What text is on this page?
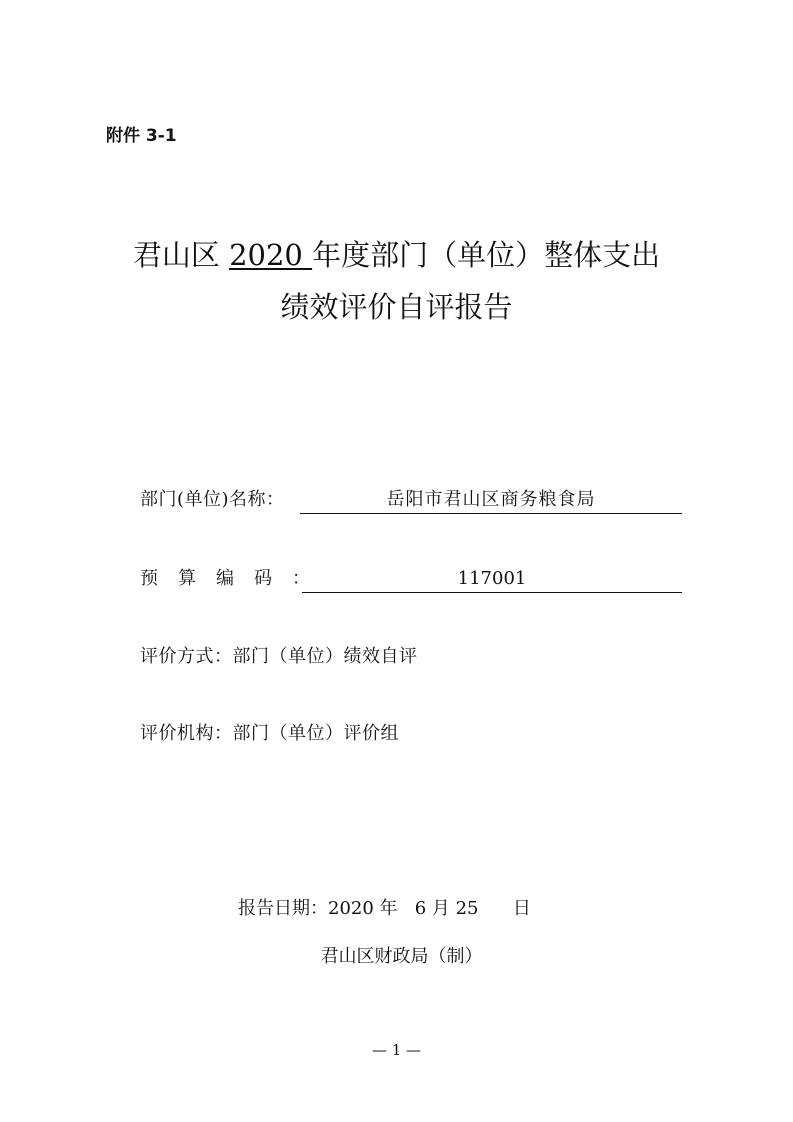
附件 3-1
君山区 2020 年度部门（单位）整体支出
绩效评价自评报告
部门(单位)名称：	岳阳市君山区商务粮食局
预算编码：	117001
评价方式：部门（单位）绩效自评
评价机构：部门（单位）评价组
报告日期：2020 年   6 月 25      日
君山区财政局（制）
— 1 —
